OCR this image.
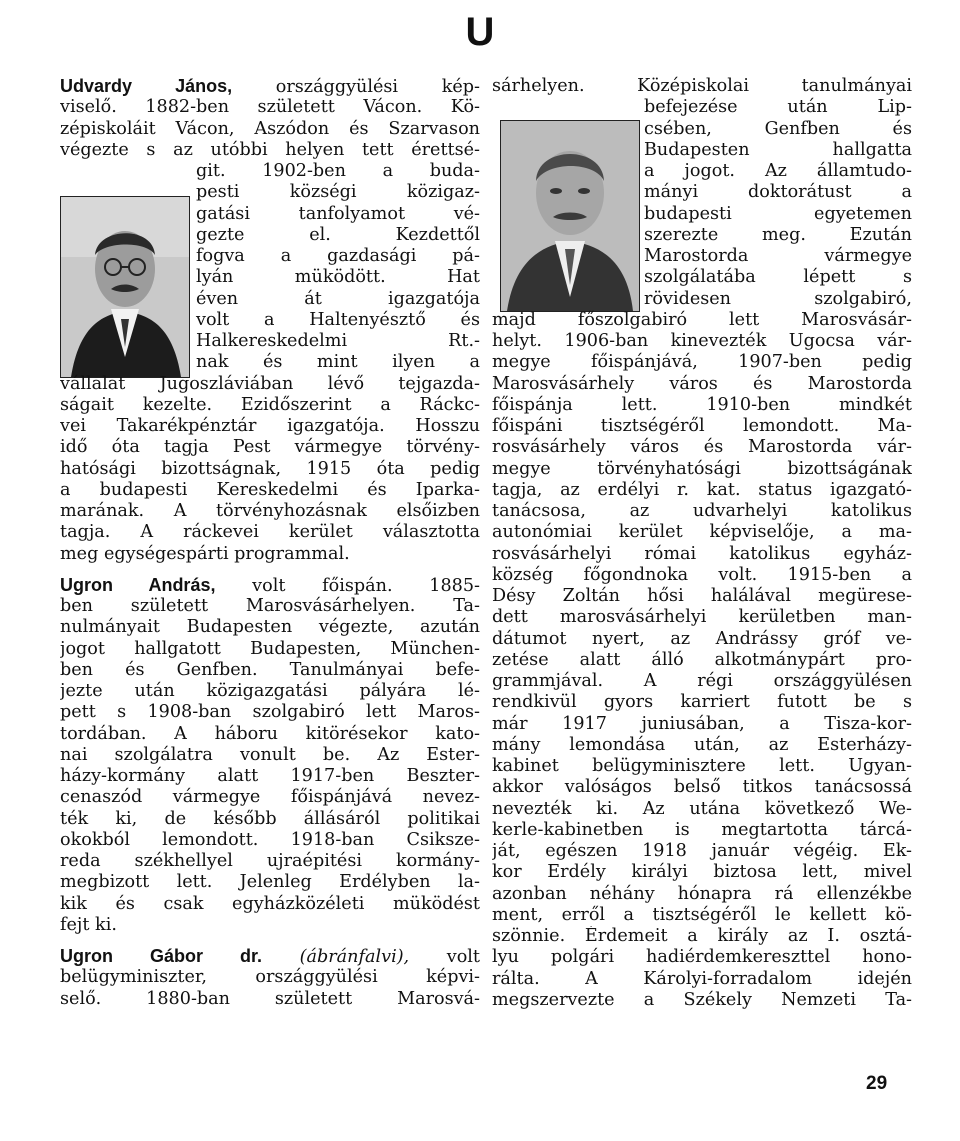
U
Udvardy János, országgyülési kép-
viselő. 1882-ben született Vácon. Kö-
zépiskoláit Vácon, Aszódon és Szarvason
végezte s az utóbbi helyen tett érettsé-
git. 1902-ben a buda-
pesti községi közigaz-
gatási tanfolyamot vé-
gezte el. Kezdettől
fogva a gazdasági pá-
lyán müködött. Hat
éven át igazgatója
volt a Haltenyésztő és
Halkereskedelmi Rt.-
nak és mint ilyen a
vállalat Jugoszláviában lévő tejgazda-
ságait kezelte. Ezidőszerint a Ráckc-
vei Takarékpénztár igazgatója. Hosszu
idő óta tagja Pest vármegye törvény-
hatósági bizottságnak, 1915 óta pedig
a budapesti Kereskedelmi és Iparka-
marának. A törvényhozásnak elsőizben
tagja. A ráckevei kerület választotta
meg egységespárti programmal.
Ugron András, volt főispán. 1885-
ben született Marosvásárhelyen. Ta-
nulmányait Budapesten végezte, azután
jogot hallgatott Budapesten, München-
ben és Genfben. Tanulmányai befe-
jezte után közigazgatási pályára lé-
pett s 1908-ban szolgabiró lett Maros-
tordában. A háboru kitörésekor kato-
nai szolgálatra vonult be. Az Ester-
házy-kormány alatt 1917-ben Beszter-
cenaszód vármegye főispánjává nevez-
ték ki, de később állásáról politikai
okokból lemondott. 1918-ban Csiksze-
reda székhellyel ujraépitési kormány-
megbizott lett. Jelenleg Erdélyben la-
kik és csak egyházközéleti müködést
fejt ki.
Ugron Gábor dr. (ábránfalvi), volt
belügyminiszter, országgyülési képvi-
selő. 1880-ban született Marosvá-
sárhelyen. Középiskolai tanulmányai
befejezése után Lip-
csében, Genfben és
Budapesten hallgatta
a jogot. Az államtudo-
mányi doktorátust a
budapesti egyetemen
szerezte meg. Ezután
Marostorda vármegye
szolgálatába lépett s
rövidesen szolgabiró,
majd főszolgabiró lett Marosvásár-
helyt. 1906-ban kinevezték Ugocsa vár-
megye főispánjává, 1907-ben pedig
Marosvásárhely város és Marostorda
főispánja lett. 1910-ben mindkét
főispáni tisztségéről lemondott. Ma-
rosvásárhely város és Marostorda vár-
megye törvényhatósági bizottságának
tagja, az erdélyi r. kat. status igazgató-
tanácsosa, az udvarhelyi katolikus
autonómiai kerület képviselője, a ma-
rosvásárhelyi római katolikus egyház-
község főgondnoka volt. 1915-ben a
Désy Zoltán hősi halálával megürese-
dett marosvásárhelyi kerületben man-
dátumot nyert, az Andrássy gróf ve-
zetése alatt álló alkotmánypárt pro-
grammjával. A régi országgyülésen
rendkivül gyors karriert futott be s
már 1917 juniusában, a Tisza-kor-
mány lemondása után, az Esterházy-
kabinet belügyminisztere lett. Ugyan-
akkor valóságos belső titkos tanácsossá
nevezték ki. Az utána következő We-
kerle-kabinetben is megtartotta tárcá-
ját, egészen 1918 január végéig. Ek-
kor Erdély királyi biztosa lett, mivel
azonban néhány hónapra rá ellenzékbe
ment, erről a tisztségéről le kellett kö-
szönnie. Érdemeit a király az I. osztá-
lyu polgári hadiérdemkereszttel hono-
rálta. A Károlyi-forradalom idején
megszervezte a Székely Nemzeti Ta-
29
